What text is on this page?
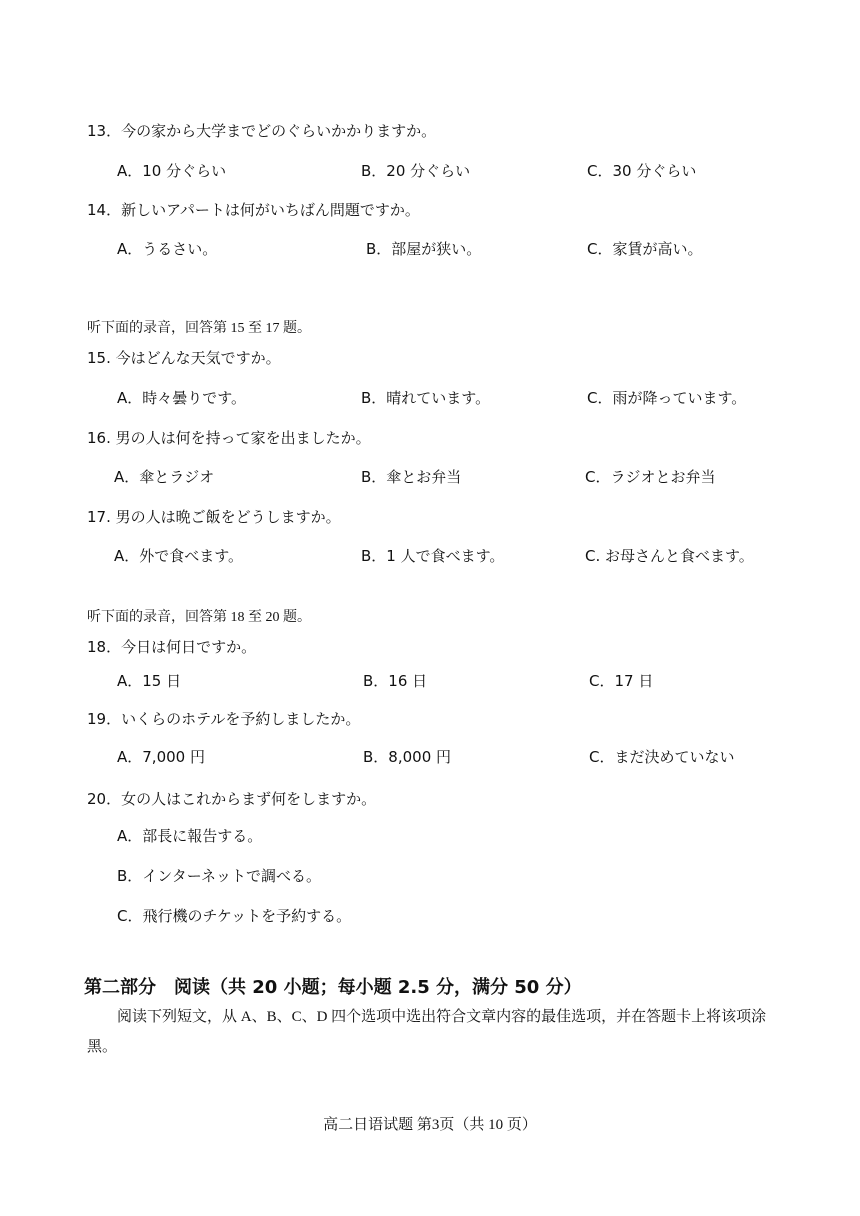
13．今の家から大学までどのぐらいかかりますか。
A．10 分ぐらい	B．20 分ぐらい	C．30 分ぐらい
14．新しいアパートは何がいちばん問題ですか。
A．うるさい。	B．部屋が狭い。	C．家賃が高い。
听下面的录音，回答第 15 至 17 题。
15. 今はどんな天気ですか。
A．時々曇りです。	B．晴れています。	C．雨が降っています。
16. 男の人は何を持って家を出ましたか。
A．傘とラジオ	B．傘とお弁当	C．ラジオとお弁当
17. 男の人は晩ご飯をどうしますか。
A．外で食べます。	B．1 人で食べます。	C. お母さんと食べます。
听下面的录音，回答第 18 至 20 题。
18．今日は何日ですか。
A．15 日	B．16 日	C．17 日
19．いくらのホテルを予約しましたか。
A．7,000 円	B．8,000 円	C．まだ決めていない
20．女の人はこれからまず何をしますか。
A．部長に報告する。
B．インターネットで調べる。
C．飛行機のチケットを予約する。
第二部分　阅读（共 20 小题；每小题 2.5 分，满分 50 分）
阅读下列短文，从 A、B、C、D 四个选项中选出符合文章内容的最佳选项，并在答题卡上将该项涂黑。
高二日语试题 第3页（共 10 页）
